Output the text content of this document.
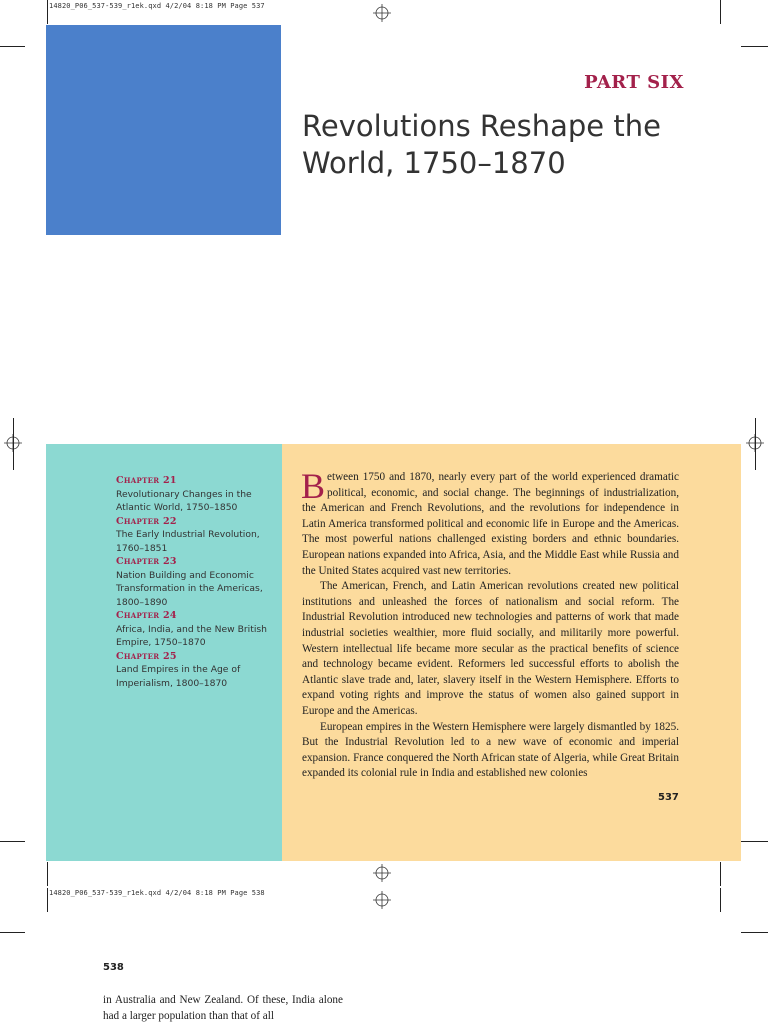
14820_P06_537-539_r1ek.qxd 4/2/04 8:18 PM Page 537
PART SIX
Revolutions Reshape the World, 1750–1870
Chapter 21
Revolutionary Changes in the Atlantic World, 1750–1850
Chapter 22
The Early Industrial Revolution, 1760–1851
Chapter 23
Nation Building and Economic Transformation in the Americas, 1800–1890
Chapter 24
Africa, India, and the New British Empire, 1750–1870
Chapter 25
Land Empires in the Age of Imperialism, 1800–1870

Between 1750 and 1870, nearly every part of the world experienced dramatic political, economic, and social change. The beginnings of industrialization, the American and French Revolutions, and the revolutions for independence in Latin America transformed political and economic life in Europe and the Americas. The most powerful nations challenged existing borders and ethnic boundaries. European nations expanded into Africa, Asia, and the Middle East while Russia and the United States acquired vast new territories.

The American, French, and Latin American revolutions created new political institutions and unleashed the forces of nationalism and social reform. The Industrial Revolution introduced new technologies and patterns of work that made industrial societies wealthier, more fluid socially, and militarily more powerful. Western intellectual life became more secular as the practical benefits of science and technology became evident. Reformers led successful efforts to abolish the Atlantic slave trade and, later, slavery itself in the Western Hemisphere. Efforts to expand voting rights and improve the status of women also gained support in Europe and the Americas.

European empires in the Western Hemisphere were largely dismantled by 1825. But the Industrial Revolution led to a new wave of economic and imperial expansion. France conquered the North African state of Algeria, while Great Britain expanded its colonial rule in India and established new colonies

537
14820_P06_537-539_r1ek.qxd 4/2/04 8:18 PM Page 538
538
in Australia and New Zealand. Of these, India alone had a larger population than that of all
